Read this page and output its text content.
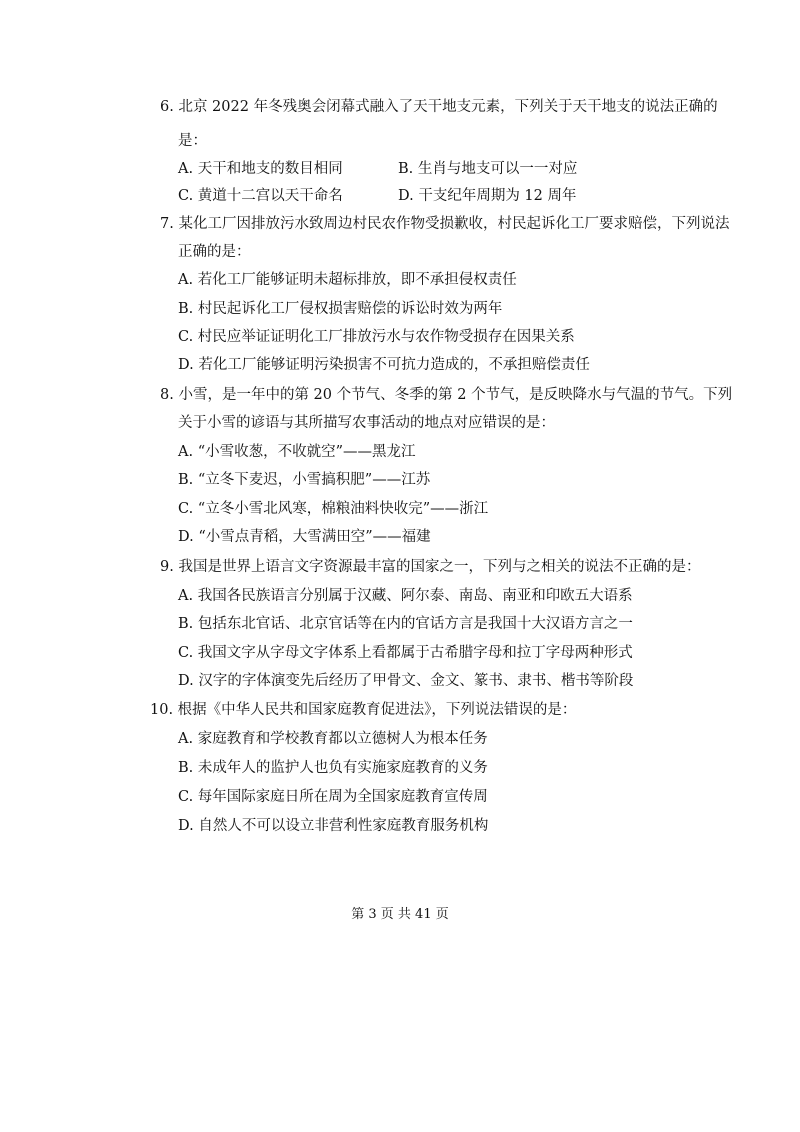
6. 北京 2022 年冬残奥会闭幕式融入了天干地支元素，下列关于天干地支的说法正确的
是：
A. 天干和地支的数目相同	B. 生肖与地支可以一一对应
C. 黄道十二宫以天干命名	D. 干支纪年周期为 12 周年
7. 某化工厂因排放污水致周边村民农作物受损歉收，村民起诉化工厂要求赔偿，下列说法
正确的是：
A. 若化工厂能够证明未超标排放，即不承担侵权责任
B. 村民起诉化工厂侵权损害赔偿的诉讼时效为两年
C. 村民应举证证明化工厂排放污水与农作物受损存在因果关系
D. 若化工厂能够证明污染损害不可抗力造成的，不承担赔偿责任
8. 小雪，是一年中的第 20 个节气、冬季的第 2 个节气，是反映降水与气温的节气。下列
关于小雪的谚语与其所描写农事活动的地点对应错误的是：
A. “小雪收葱，不收就空”——黑龙江
B. “立冬下麦迟，小雪搞积肥”——江苏
C. “立冬小雪北风寒，棉粮油料快收完”——浙江
D. “小雪点青稻，大雪满田空”——福建
9. 我国是世界上语言文字资源最丰富的国家之一，下列与之相关的说法不正确的是：
A. 我国各民族语言分别属于汉藏、阿尔泰、南岛、南亚和印欧五大语系
B. 包括东北官话、北京官话等在内的官话方言是我国十大汉语方言之一
C. 我国文字从字母文字体系上看都属于古希腊字母和拉丁字母两种形式
D. 汉字的字体演变先后经历了甲骨文、金文、篆书、隶书、楷书等阶段
10. 根据《中华人民共和国家庭教育促进法》，下列说法错误的是：
A. 家庭教育和学校教育都以立德树人为根本任务
B. 未成年人的监护人也负有实施家庭教育的义务
C. 每年国际家庭日所在周为全国家庭教育宣传周
D. 自然人不可以设立非营利性家庭教育服务机构
第 3 页 共 41 页
